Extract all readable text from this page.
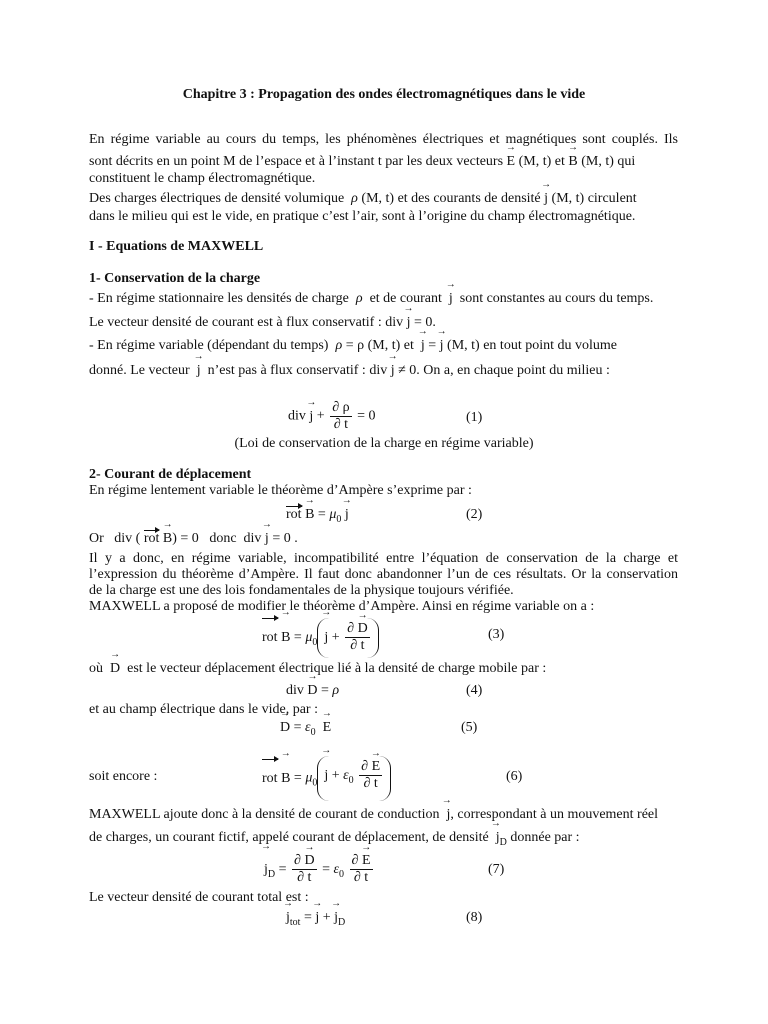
Chapitre 3 : Propagation des ondes électromagnétiques dans le vide
En régime variable au cours du temps, les phénomènes électriques et magnétiques sont couplés. Ils
sont décrits en un point M de l’espace et à l’instant t par les deux vecteurs → E (M, t) et → B (M, t) qui
constituent le champ électromagnétique.
Des charges électriques de densité volumique  ρ (M, t) et des courants de densité → j (M, t) circulent
dans le milieu qui est le vide, en pratique c’est l’air, sont à l’origine du champ électromagnétique.
I - Equations de MAXWELL
1- Conservation de la charge
- En régime stationnaire les densités de charge  ρ  et de courant →  j  sont constantes au cours du temps.
Le vecteur densité de courant est à flux conservatif : div → j = 0.
- En régime variable (dépendant du temps)  ρ = ρ (M, t) et → j = → j (M, t) en tout point du volume
donné. Le vecteur →  j  n’est pas à flux conservatif : div → j ≠ 0. On a, en chaque point du milieu :
div → $j + \frac{\partial \rho}{\partial t} = 0$	(1)
(Loi de conservation de la charge en régime variable)
2- Courant de déplacement
En régime lentement variable le théorème d’Ampère s’exprime par :
rot → $B = \mu_0 \to j$	(2)
Or   div ( rot → B) = 0   donc  div → j = 0 .
Il y a donc, en régime variable, incompatibilité entre l’équation de conservation de la charge et
l’expression du théorème d’Ampère. Il faut donc abandonner l’un de ces résultats. Or la conservation
de la charge est une des lois fondamentales de la physique toujours vérifiée.
MAXWELL a proposé de modifier le théorème d’Ampère. Ainsi en régime variable on a :
rot → $B = \mu_0 \to j + \frac{\partial \to D}{\partial t}$	(3)
où →  D  est le vecteur déplacement électrique lié à la densité de charge mobile par :
div → D = ρ	(4)
et au champ électrique dans le vide, par :
→ $D = \varepsilon_0 \to E$	(5)
soit encore :	rot → $B = \mu_0 \to j + \varepsilon_0 \frac{\partial \to E}{\partial t}$	(6)
MAXWELL ajoute donc à la densité de courant de conduction →  j, correspondant à un mouvement réel
de charges, un courant fictif, appelé courant de déplacement, de densité →  $j_D$ donnée par :
→ $j_D = \frac{\partial \to D}{\partial t} = \varepsilon_0 \frac{\partial \to E}{\partial t}$	(7)
Le vecteur densité de courant total est :
→ $j_{tot}$ = → j + → $j_D$	(8)
